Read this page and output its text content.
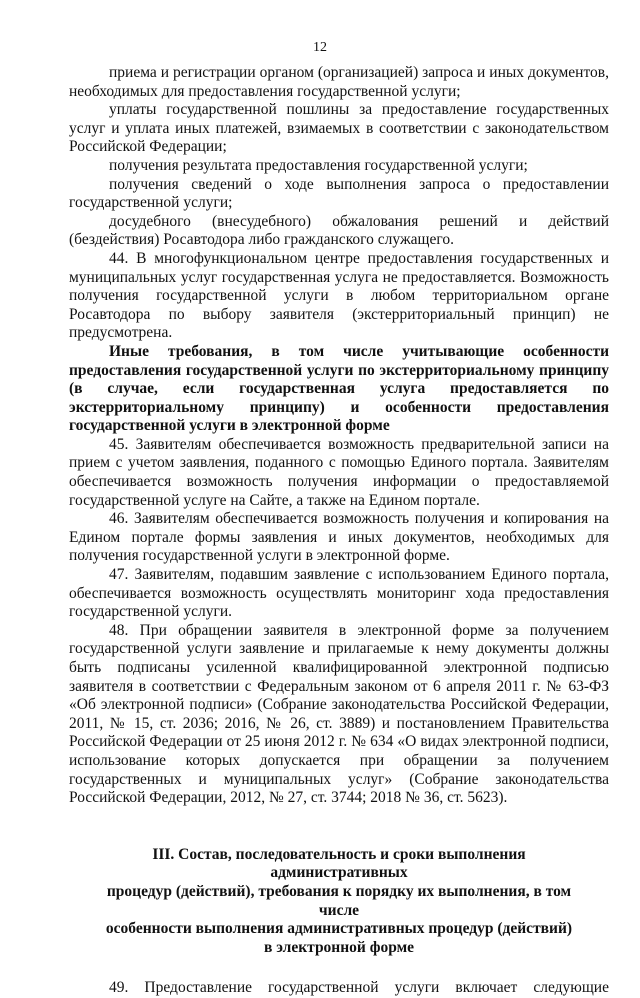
12

приема и регистрации органом (организацией) запроса и иных документов, необходимых для предоставления государственной услуги;

уплаты государственной пошлины за предоставление государственных услуг и уплата иных платежей, взимаемых в соответствии с законодательством Российской Федерации;

получения результата предоставления государственной услуги;

получения сведений о ходе выполнения запроса о предоставлении государственной услуги;

досудебного (внесудебного) обжалования решений и действий (бездействия) Росавтодора либо гражданского служащего.

44. В многофункциональном центре предоставления государственных и муниципальных услуг государственная услуга не предоставляется. Возможность получения государственной услуги в любом территориальном органе Росавтодора по выбору заявителя (экстерриториальный принцип) не предусмотрена.

Иные требования, в том числе учитывающие особенности предоставления государственной услуги по экстерриториальному принципу (в случае, если государственная услуга предоставляется по экстерриториальному принципу) и особенности предоставления государственной услуги в электронной форме

45. Заявителям обеспечивается возможность предварительной записи на прием с учетом заявления, поданного с помощью Единого портала. Заявителям обеспечивается возможность получения информации о предоставляемой государственной услуге на Сайте, а также на Едином портале.

46. Заявителям обеспечивается возможность получения и копирования на Едином портале формы заявления и иных документов, необходимых для получения государственной услуги в электронной форме.

47. Заявителям, подавшим заявление с использованием Единого портала, обеспечивается возможность осуществлять мониторинг хода предоставления государственной услуги.

48. При обращении заявителя в электронной форме за получением государственной услуги заявление и прилагаемые к нему документы должны быть подписаны усиленной квалифицированной электронной подписью заявителя в соответствии с Федеральным законом от 6 апреля 2011 г. № 63-ФЗ «Об электронной подписи» (Собрание законодательства Российской Федерации, 2011, № 15, ст. 2036; 2016, № 26, ст. 3889) и постановлением Правительства Российской Федерации от 25 июня 2012 г. № 634 «О видах электронной подписи, использование которых допускается при обращении за получением государственных и муниципальных услуг» (Собрание законодательства Российской Федерации, 2012, № 27, ст. 3744; 2018 № 36, ст. 5623).

III. Состав, последовательность и сроки выполнения административных
процедур (действий), требования к порядку их выполнения, в том числе
особенности выполнения административных процедур (действий)
в электронной форме

49. Предоставление государственной услуги включает следующие
